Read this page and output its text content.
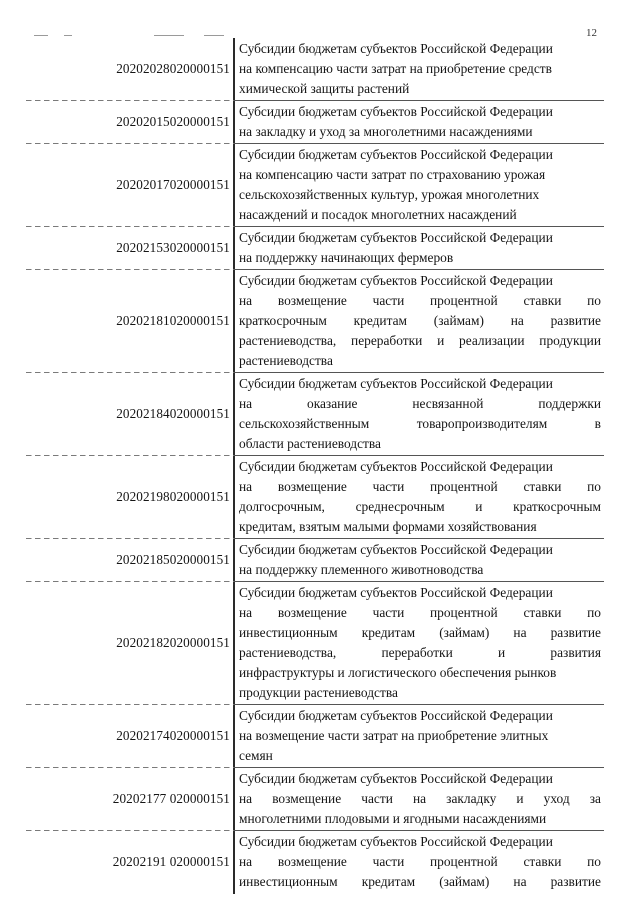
12
20202028020000151
Субсидии бюджетам субъектов Российской Федерации
на компенсацию части затрат на приобретение средств
химической защиты растений
20202015020000151
Субсидии бюджетам субъектов Российской Федерации
на закладку и уход за многолетними насаждениями
20202017020000151
Субсидии бюджетам субъектов Российской Федерации
на компенсацию части затрат по страхованию урожая
сельскохозяйственных культур, урожая многолетних
насаждений и посадок многолетних насаждений
20202153020000151
Субсидии бюджетам субъектов Российской Федерации
на поддержку начинающих фермеров
20202181020000151
Субсидии бюджетам субъектов Российской Федерации
на возмещение части процентной ставки по
краткосрочным кредитам (займам) на развитие
растениеводства, переработки и реализации продукции
растениеводства
20202184020000151
Субсидии бюджетам субъектов Российской Федерации
на оказание несвязанной поддержки
сельскохозяйственным товаропроизводителям в
области растениеводства
20202198020000151
Субсидии бюджетам субъектов Российской Федерации
на возмещение части процентной ставки по
долгосрочным, среднесрочным и краткосрочным
кредитам, взятым малыми формами хозяйствования
20202185020000151
Субсидии бюджетам субъектов Российской Федерации
на поддержку племенного животноводства
20202182020000151
Субсидии бюджетам субъектов Российской Федерации
на возмещение части процентной ставки по
инвестиционным кредитам (займам) на развитие
растениеводства, переработки и развития
инфраструктуры и логистического обеспечения рынков
продукции растениеводства
20202174020000151
Субсидии бюджетам субъектов Российской Федерации
на возмещение части затрат на приобретение элитных
семян
20202177 020000151
Субсидии бюджетам субъектов Российской Федерации
на возмещение части на закладку и уход за
многолетними плодовыми и ягодными насаждениями
20202191 020000151
Субсидии бюджетам субъектов Российской Федерации
на возмещение части процентной ставки по
инвестиционным кредитам (займам) на развитие
